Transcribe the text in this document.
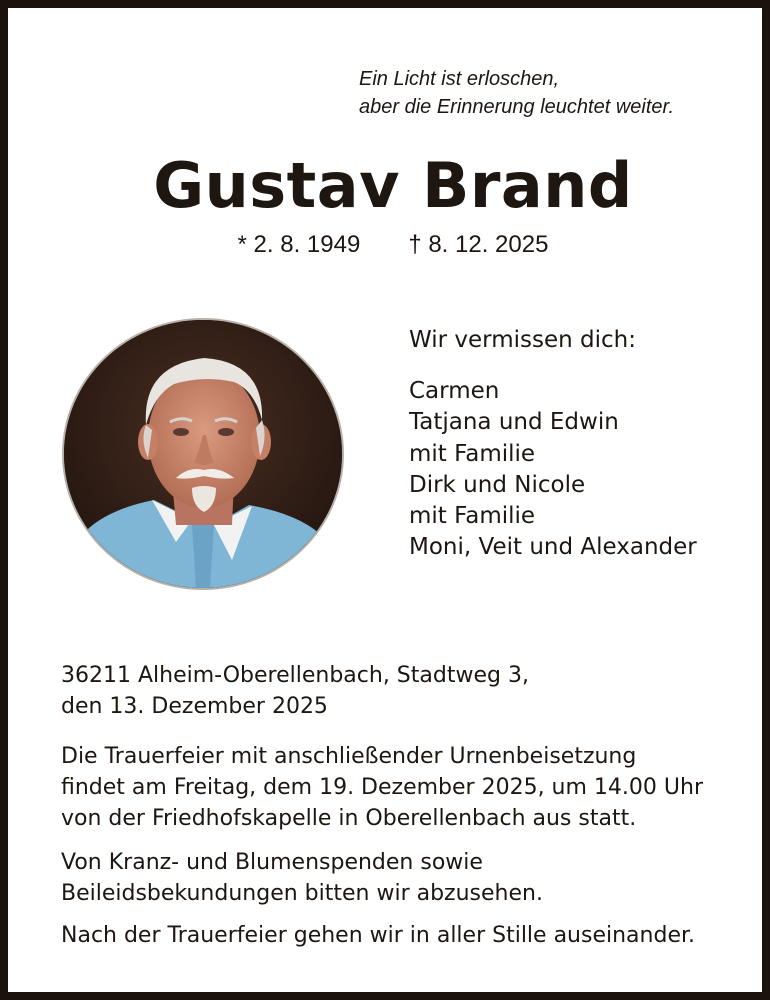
Ein Licht ist erloschen,
aber die Erinnerung leuchtet weiter.

Gustav Brand
* 2. 8. 1949 † 8. 12. 2025
Wir vermissen dich:
Carmen
Tatjana und Edwin
mit Familie
Dirk und Nicole
mit Familie
Moni, Veit und Alexander
36211 Alheim-Oberellenbach, Stadtweg 3,
den 13. Dezember 2025
Die Trauerfeier mit anschließender Urnenbeisetzung
findet am Freitag, dem 19. Dezember 2025, um 14.00 Uhr
von der Friedhofskapelle in Oberellenbach aus statt.
Von Kranz- und Blumenspenden sowie
Beileidsbekundungen bitten wir abzusehen.
Nach der Trauerfeier gehen wir in aller Stille auseinander.
